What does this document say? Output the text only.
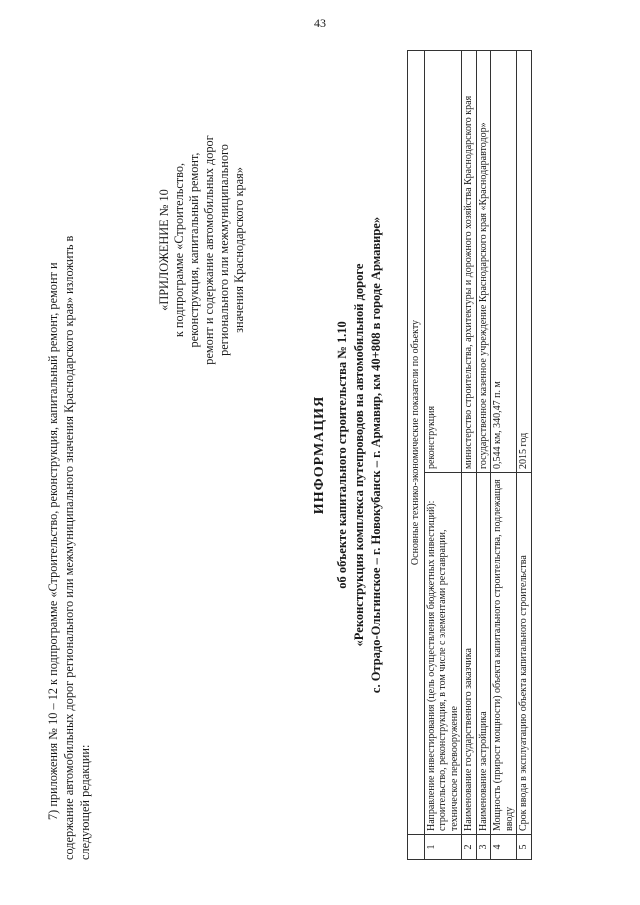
43
7) приложения № 10 – 12 к подпрограмме «Строительство, реконструкция, капитальный ремонт, ремонт и содержание автомобильных дорог регионального или межмуниципального значения Краснодарского края» изложить в следующей редакции:
«ПРИЛОЖЕНИЕ № 10 к подпрограмме «Строительство, реконструкция, капитальный ремонт, ремонт и содержание автомобильных дорог регионального или межмуниципального значения Краснодарского края»
ИНФОРМАЦИЯ об объекте капитального строительства № 1.10 «Реконструкция комплекса путепроводов на автомобильной дороге с. Отрадо-Ольгинское – г. Новокубанск – г. Армавир, км 40+808 в городе Армавире»
		Основные технико-экономические показатели по объекту	
1	Направление инвестирования (цель осуществления бюджетных инвестиций): строительство, реконструкция, в том числе с элементами реставрации, техническое перевооружение	реконструкция
2	Наименование государственного заказчика	министерство строительства, архитектуры и дорожного хозяйства Краснодарского края
3	Наименование застройщика	государственное казенное учреждение Краснодарского края «Краснодаравтодор»
4	Мощность (прирост мощности) объекта капитального строительства, подлежащая вводу	0,544 км, 340,47 п. м
5	Срок ввода в эксплуатацию объекта капитального строительства	2015 год
